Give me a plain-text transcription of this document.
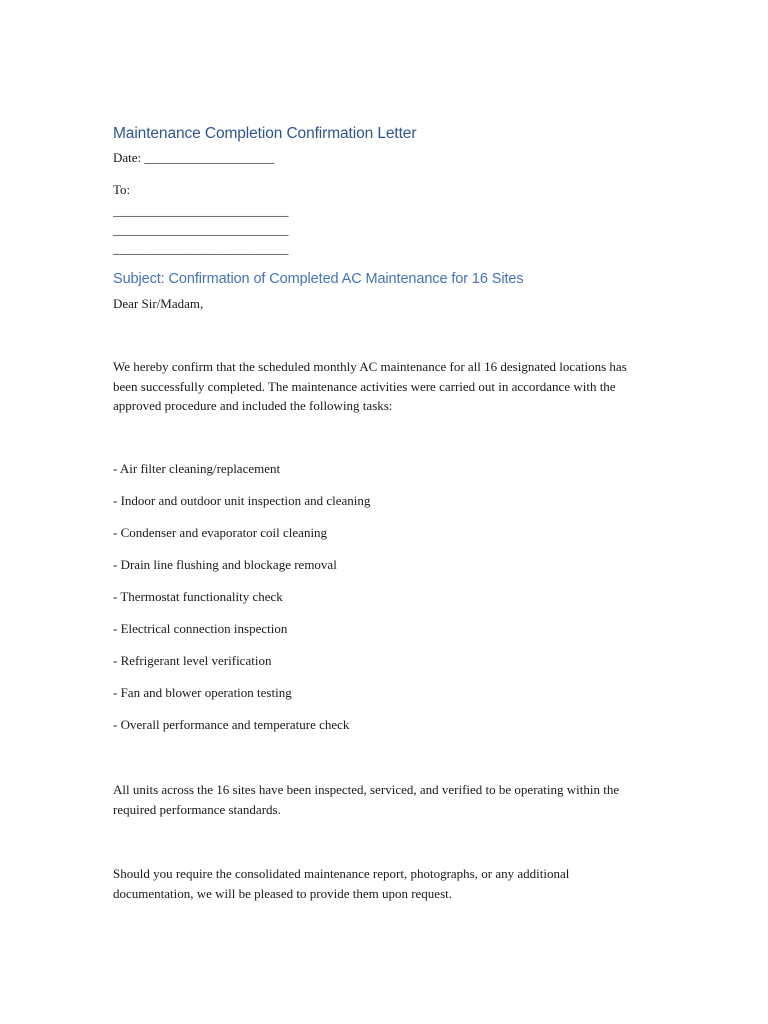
Maintenance Completion Confirmation Letter
Date: ____________________
To:
___________________________
___________________________
___________________________
Subject: Confirmation of Completed AC Maintenance for 16 Sites
Dear Sir/Madam,
We hereby confirm that the scheduled monthly AC maintenance for all 16 designated locations has been successfully completed. The maintenance activities were carried out in accordance with the approved procedure and included the following tasks:
- Air filter cleaning/replacement
- Indoor and outdoor unit inspection and cleaning
- Condenser and evaporator coil cleaning
- Drain line flushing and blockage removal
- Thermostat functionality check
- Electrical connection inspection
- Refrigerant level verification
- Fan and blower operation testing
- Overall performance and temperature check
All units across the 16 sites have been inspected, serviced, and verified to be operating within the required performance standards.
Should you require the consolidated maintenance report, photographs, or any additional documentation, we will be pleased to provide them upon request.
